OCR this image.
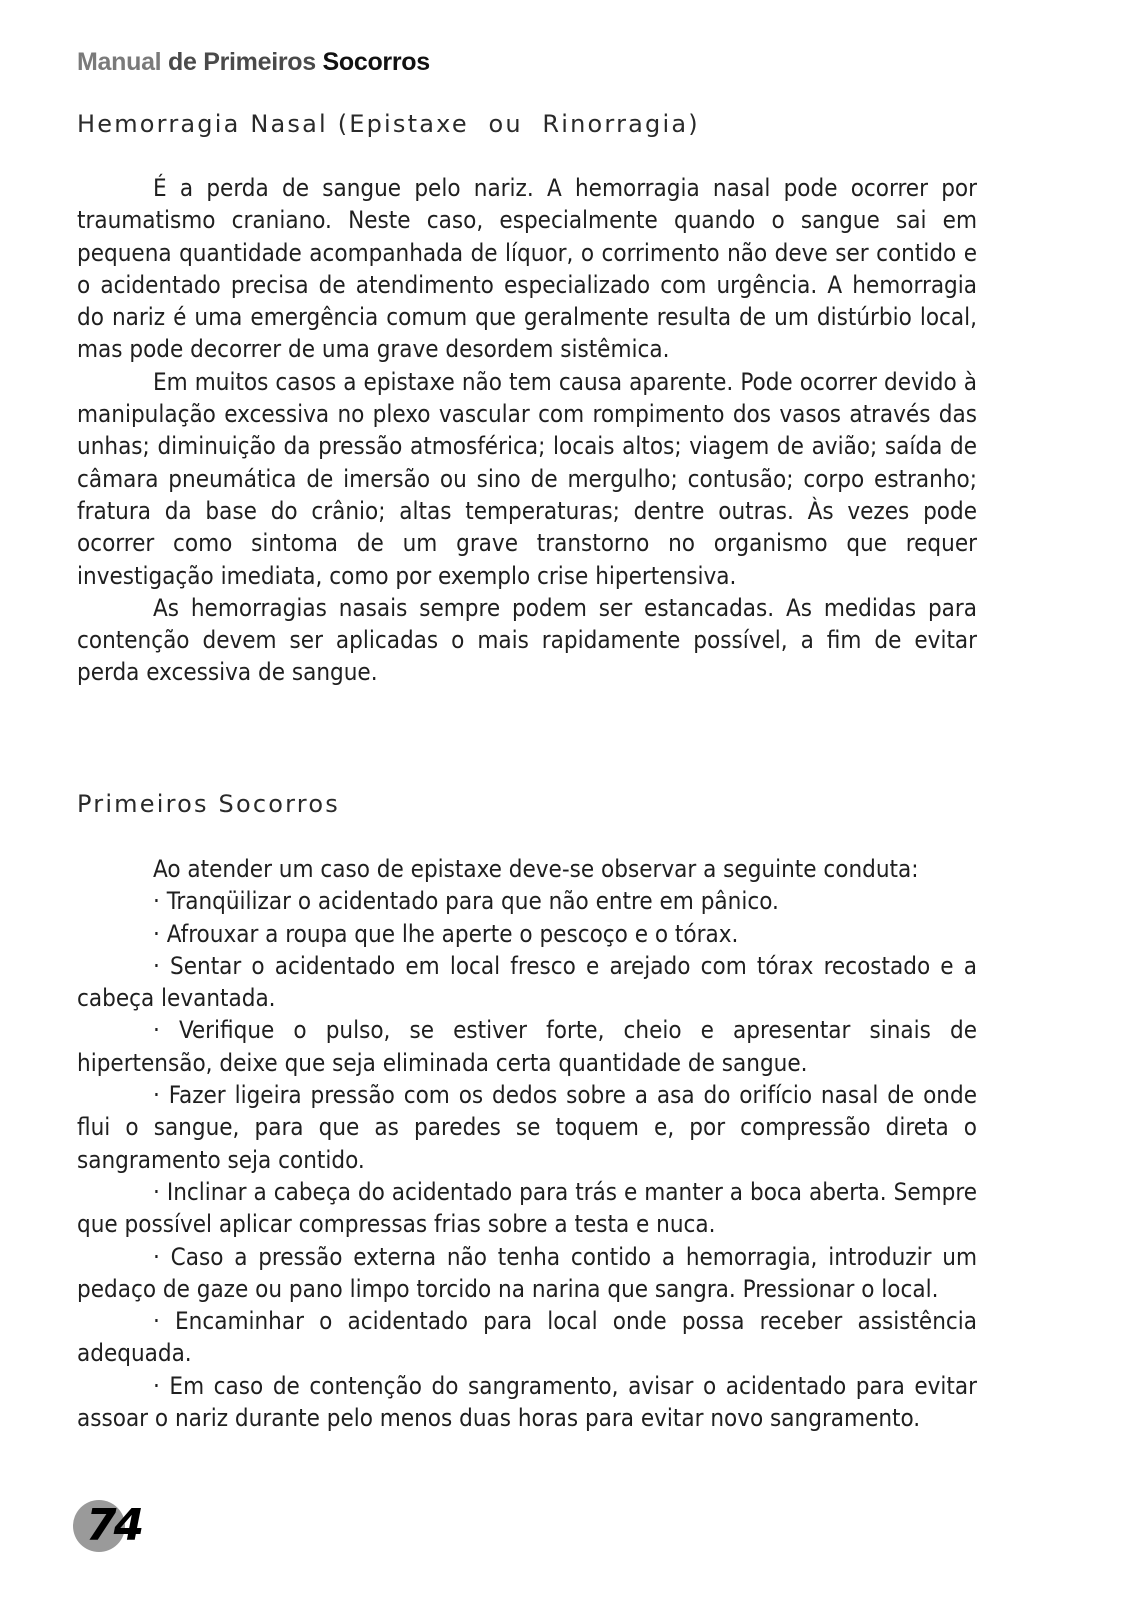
Manual de Primeiros Socorros
Hemorragia Nasal (Epistaxe  ou  Rinorragia)

É a perda de sangue pelo nariz. A hemorragia nasal pode ocorrer por traumatismo craniano. Neste caso, especialmente quando o sangue sai em pequena quantidade acompanhada de líquor, o corrimento não deve ser contido e o acidentado precisa de atendimento especializado com urgência. A hemorragia do nariz é uma emergência comum que geralmente resulta de um distúrbio local, mas pode decorrer de uma grave desordem sistêmica.

Em muitos casos a epistaxe não tem causa aparente. Pode ocorrer devido à manipulação excessiva no plexo vascular com rompimento dos vasos através das unhas; diminuição da pressão atmosférica; locais altos; viagem de avião; saída de câmara pneumática de imersão ou sino de mergulho; contusão; corpo estranho; fratura da base do crânio; altas temperaturas; dentre outras. Às vezes pode ocorrer como sintoma de um grave transtorno no organismo que requer investigação imediata, como por exemplo crise hipertensiva.

As hemorragias nasais sempre podem ser estancadas. As medidas para contenção devem ser aplicadas o mais rapidamente possível, a fim de evitar perda excessiva de sangue.

Primeiros Socorros

Ao atender um caso de epistaxe deve-se observar a seguinte conduta:

· Tranqüilizar o acidentado para que não entre em pânico.

· Afrouxar a roupa que lhe aperte o pescoço e o tórax.

· Sentar o acidentado em local fresco e arejado com tórax recostado e a cabeça levantada.

· Verifique o pulso, se estiver forte, cheio e apresentar sinais de hipertensão, deixe que seja eliminada certa quantidade de sangue.

· Fazer ligeira pressão com os dedos sobre a asa do orifício nasal de onde flui o sangue, para que as paredes se toquem e, por compressão direta o sangramento seja contido.

· Inclinar a cabeça do acidentado para trás e manter a boca aberta. Sempre que possível aplicar compressas frias sobre a testa e nuca.

· Caso a pressão externa não tenha contido a hemorragia, introduzir um pedaço de gaze ou pano limpo torcido na narina que sangra. Pressionar o local.

· Encaminhar o acidentado para local onde possa receber assistência adequada.

· Em caso de contenção do sangramento, avisar o acidentado para evitar assoar o nariz durante pelo menos duas horas para evitar novo sangramento.

74
